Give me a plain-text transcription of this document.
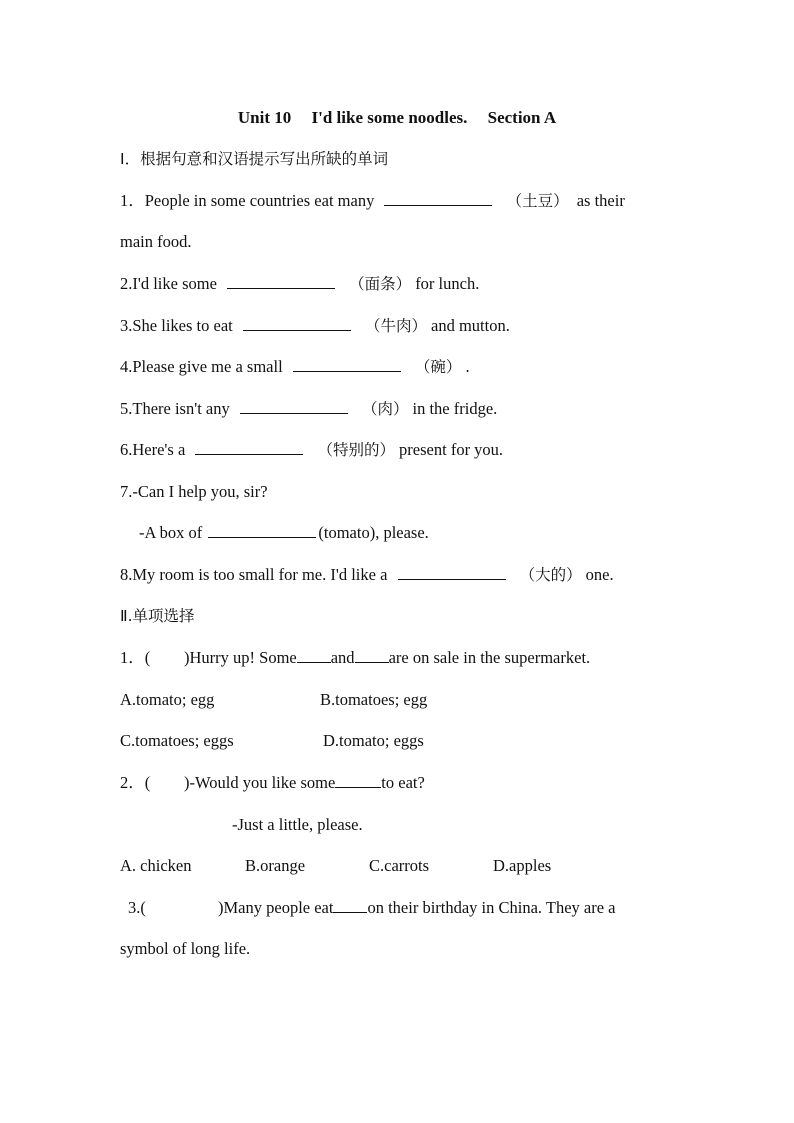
Unit 10 I'd like some noodles. Section A
Ⅰ．根据句意和汉语提示写出所缺的单词
1．People in some countries eat many	（土豆） as their
main food.
2.I'd like some	（面条） for lunch.
3.She likes to eat	（牛肉） and mutton.
4.Please give me a small	（碗） .
5.There isn't any	（肉） in the fridge.
6.Here's a	（特别的） present for you.
7.-Can I help you, sir?
-A box of	(tomato), please.
8.My room is too small for me. I'd like a	（大的） one.
Ⅱ.单项选择
1．( )Hurry up! Some and are on sale in the supermarket.
A.tomato; egg	B.tomatoes; egg
C.tomatoes; eggs	D.tomato; eggs
2．( )-Would you like some	to eat?
-Just a little, please.
A. chicken	B.orange	C.carrots	D.apples
3.(	)Many people eat on their birthday in China. They are a
symbol of long life.
